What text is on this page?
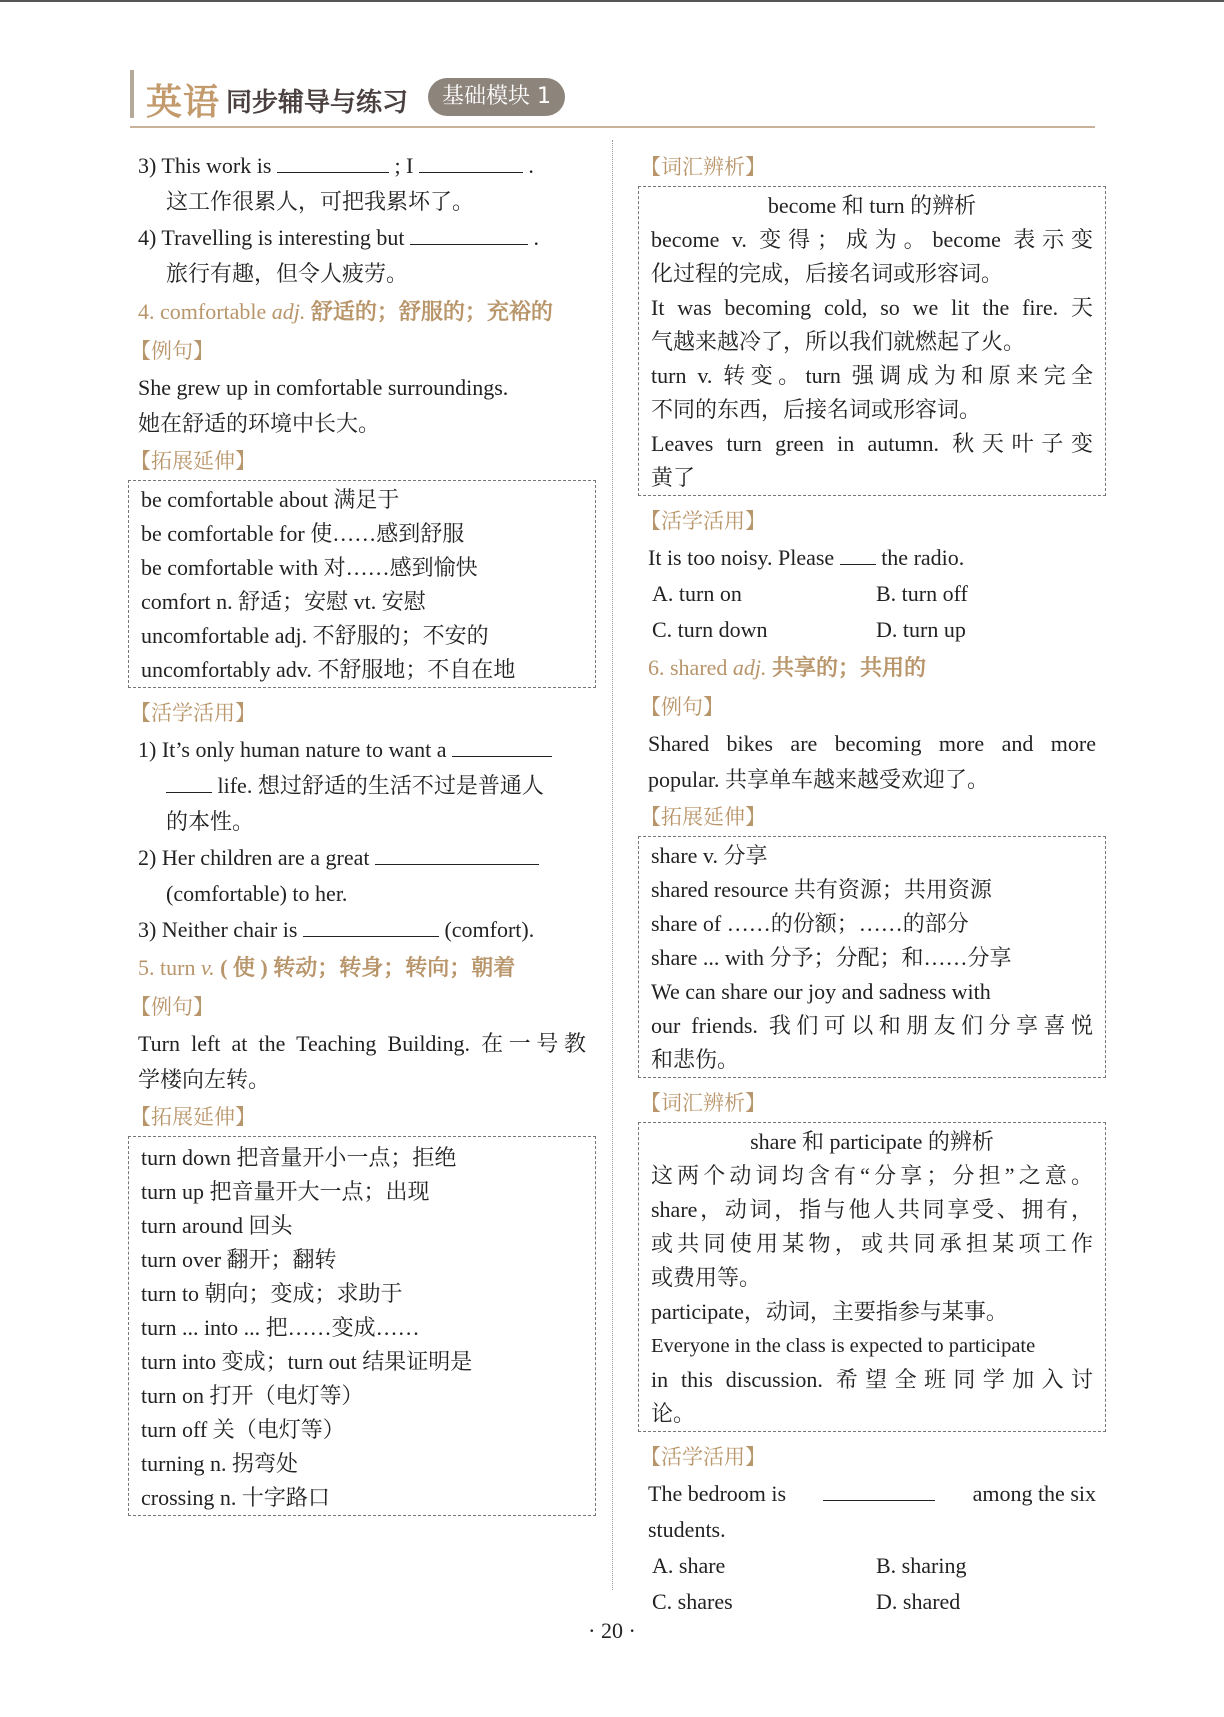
英语 同步辅导与练习	基础模块 1

3) This work is	; I	.

这工作很累人，可把我累坏了。

4) Travelling is interesting but	.

旅行有趣，但令人疲劳。

4. comfortable adj. 舒适的；舒服的；充裕的

【例句】

She grew up in comfortable surroundings.

她在舒适的环境中长大。

【拓展延伸】

be comfortable about 满足于

be comfortable for 使……感到舒服

be comfortable with 对……感到愉快

comfort n. 舒适；安慰 vt. 安慰

uncomfortable adj. 不舒服的；不安的

uncomfortably adv. 不舒服地；不自在地

【活学活用】

1) It’s only human nature to want a

life. 想过舒适的生活不过是普通人

的本性。

2) Her children are a great

(comfortable) to her.

3) Neither chair is	(comfort).

5. turn v. ( 使 ) 转动；转身；转向；朝着

【例句】

Turn left at the Teaching Building. 在一号教

学楼向左转。

【拓展延伸】

turn down 把音量开小一点；拒绝

turn up 把音量开大一点；出现

turn around 回头

turn over 翻开；翻转

turn to 朝向；变成；求助于

turn ... into ... 把……变成……

turn into 变成；turn out 结果证明是

turn on 打开（电灯等）

turn off 关（电灯等）

turning n. 拐弯处

crossing n. 十字路口

【词汇辨析】

become 和 turn 的辨析

become v. 变得；成为。become 表示变

化过程的完成，后接名词或形容词。

It was becoming cold, so we lit the fire. 天

气越来越冷了，所以我们就燃起了火。

turn v. 转变。turn 强调成为和原来完全

不同的东西，后接名词或形容词。

Leaves turn green in autumn. 秋天叶子变

黄了

【活学活用】

It is too noisy. Please the radio.

A. turn on	B. turn off

C. turn down	D. turn up

6. shared adj. 共享的；共用的

【例句】

Shared bikes are becoming more and more

popular. 共享单车越来越受欢迎了。

【拓展延伸】

share v. 分享

shared resource 共有资源；共用资源

share of ……的份额；……的部分

share ... with 分予；分配；和……分享

We can share our joy and sadness with

our friends. 我们可以和朋友们分享喜悦

和悲伤。

【词汇辨析】

share 和 participate 的辨析

这两个动词均含有“分享；分担”之意。

share，动词，指与他人共同享受、拥有，

或共同使用某物，或共同承担某项工作

或费用等。

participate，动词，主要指参与某事。

Everyone in the class is expected to participate

in this discussion. 希望全班同学加入讨

论。

【活学活用】

The bedroom is	among the six

students.

A. share	B. sharing

C. shares	D. shared

· 20 ·
